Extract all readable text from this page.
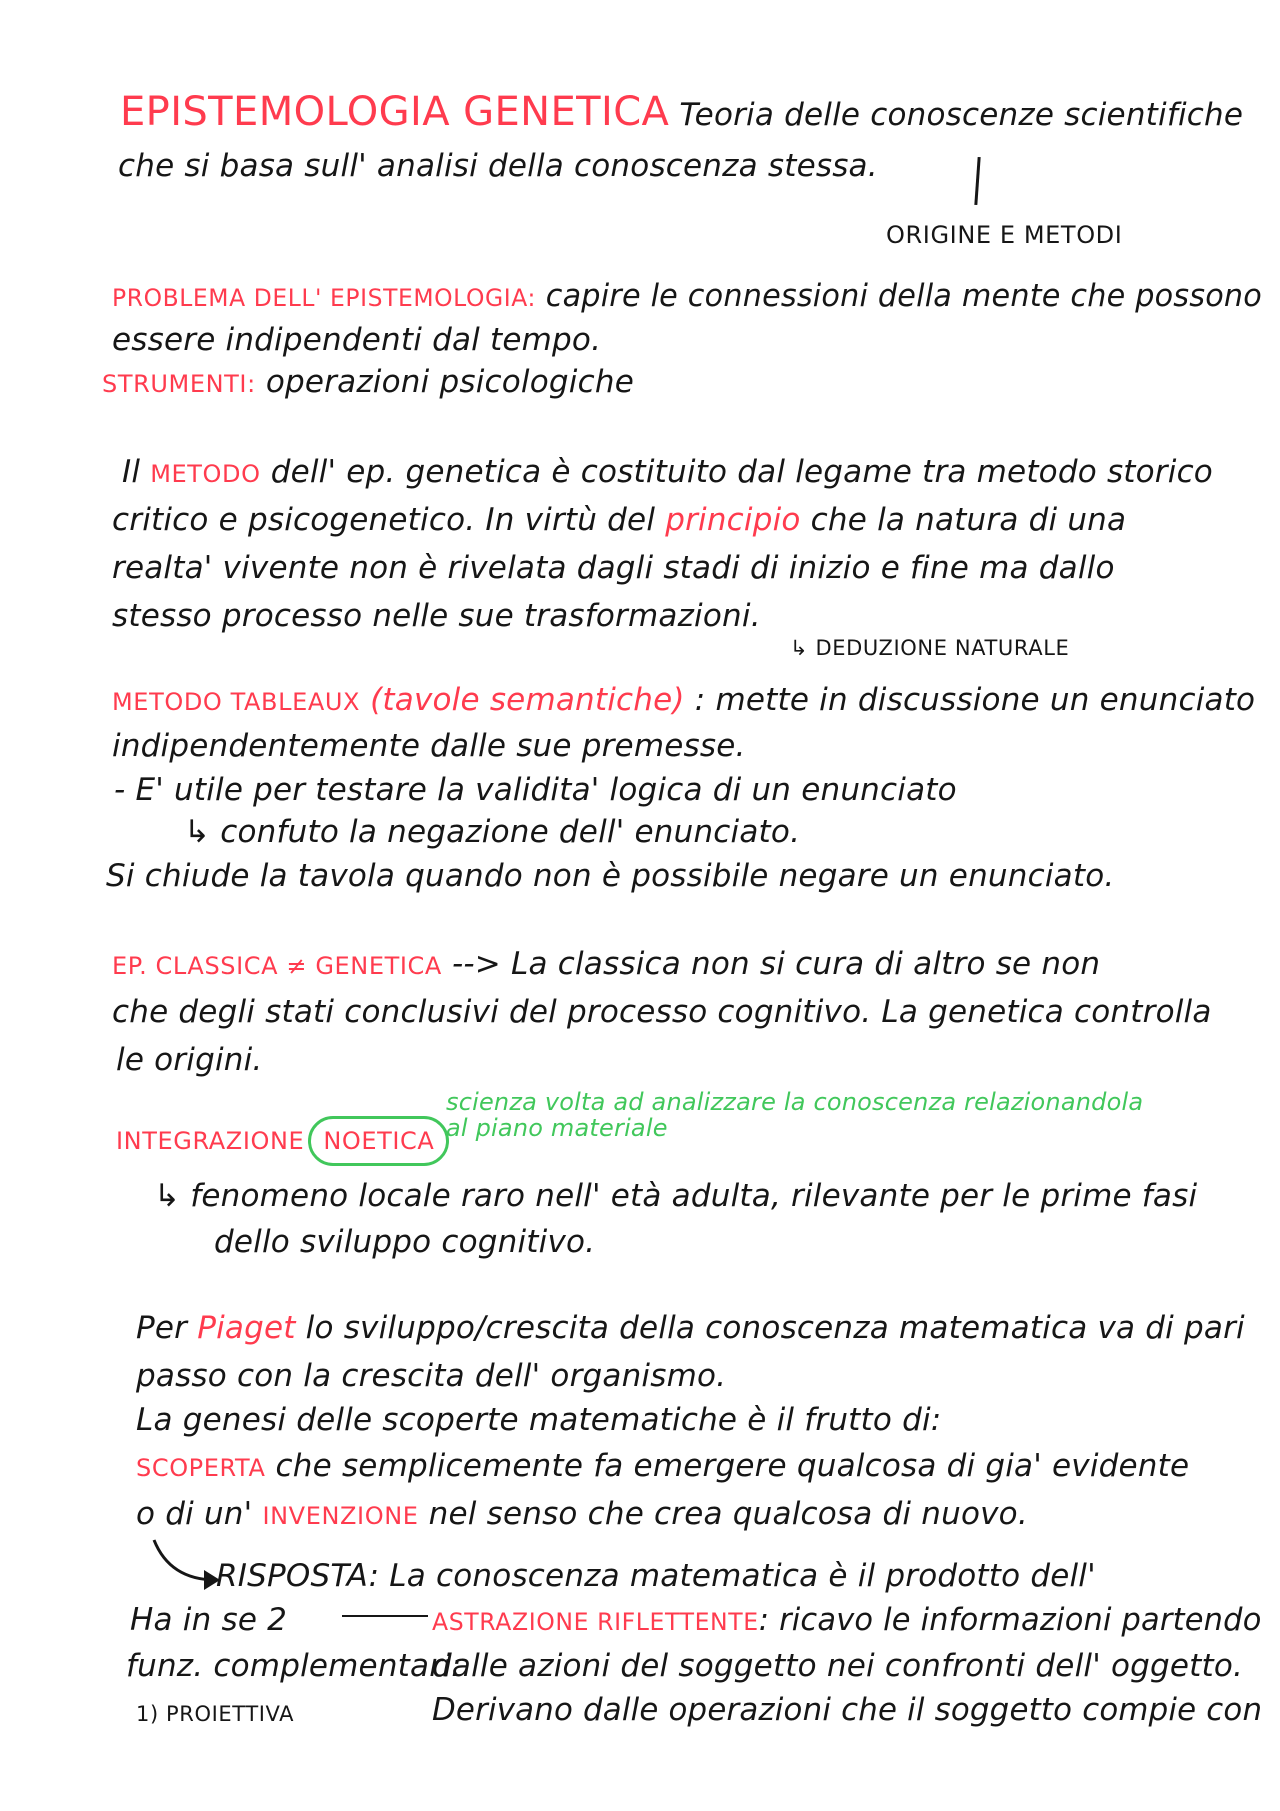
EPISTEMOLOGIA GENETICA Teoria delle conoscenze scientifiche
che si basa sull' analisi della conoscenza stessa.
ORIGINE E METODI
PROBLEMA DELL' EPISTEMOLOGIA: capire le connessioni della mente che possono
essere indipendenti dal tempo.
STRUMENTI: operazioni psicologiche
Il METODO dell' ep. genetica è costituito dal legame tra metodo storico
critico e psicogenetico. In virtù del principio che la natura di una
realta' vivente non è rivelata dagli stadi di inizio e fine ma dallo
stesso processo nelle sue trasformazioni.
↳ DEDUZIONE NATURALE
METODO TABLEAUX (tavole semantiche) : mette in discussione un enunciato
indipendentemente dalle sue premesse.
- E' utile per testare la validita' logica di un enunciato
↳ confuto la negazione dell' enunciato.
Si chiude la tavola quando non è possibile negare un enunciato.
EP. CLASSICA ≠ GENETICA --> La classica non si cura di altro se non
che degli stati conclusivi del processo cognitivo. La genetica controlla
le origini.
scienza volta ad analizzare la conoscenza relazionandola
al piano materiale
INTEGRAZIONE NOETICA
↳ fenomeno locale raro nell' età adulta, rilevante per le prime fasi
dello sviluppo cognitivo.
Per Piaget lo sviluppo/crescita della conoscenza matematica va di pari
passo con la crescita dell' organismo.
La genesi delle scoperte matematiche è il frutto di:
SCOPERTA che semplicemente fa emergere qualcosa di gia' evidente
o di un' INVENZIONE nel senso che crea qualcosa di nuovo.
RISPOSTA: La conoscenza matematica è il prodotto dell'
Ha in se 2	ASTRAZIONE RIFLETTENTE: ricavo le informazioni partendo
funz. complementari:
dalle azioni del soggetto nei confronti dell' oggetto.
1) PROIETTIVA	Derivano dalle operazioni che il soggetto compie con
